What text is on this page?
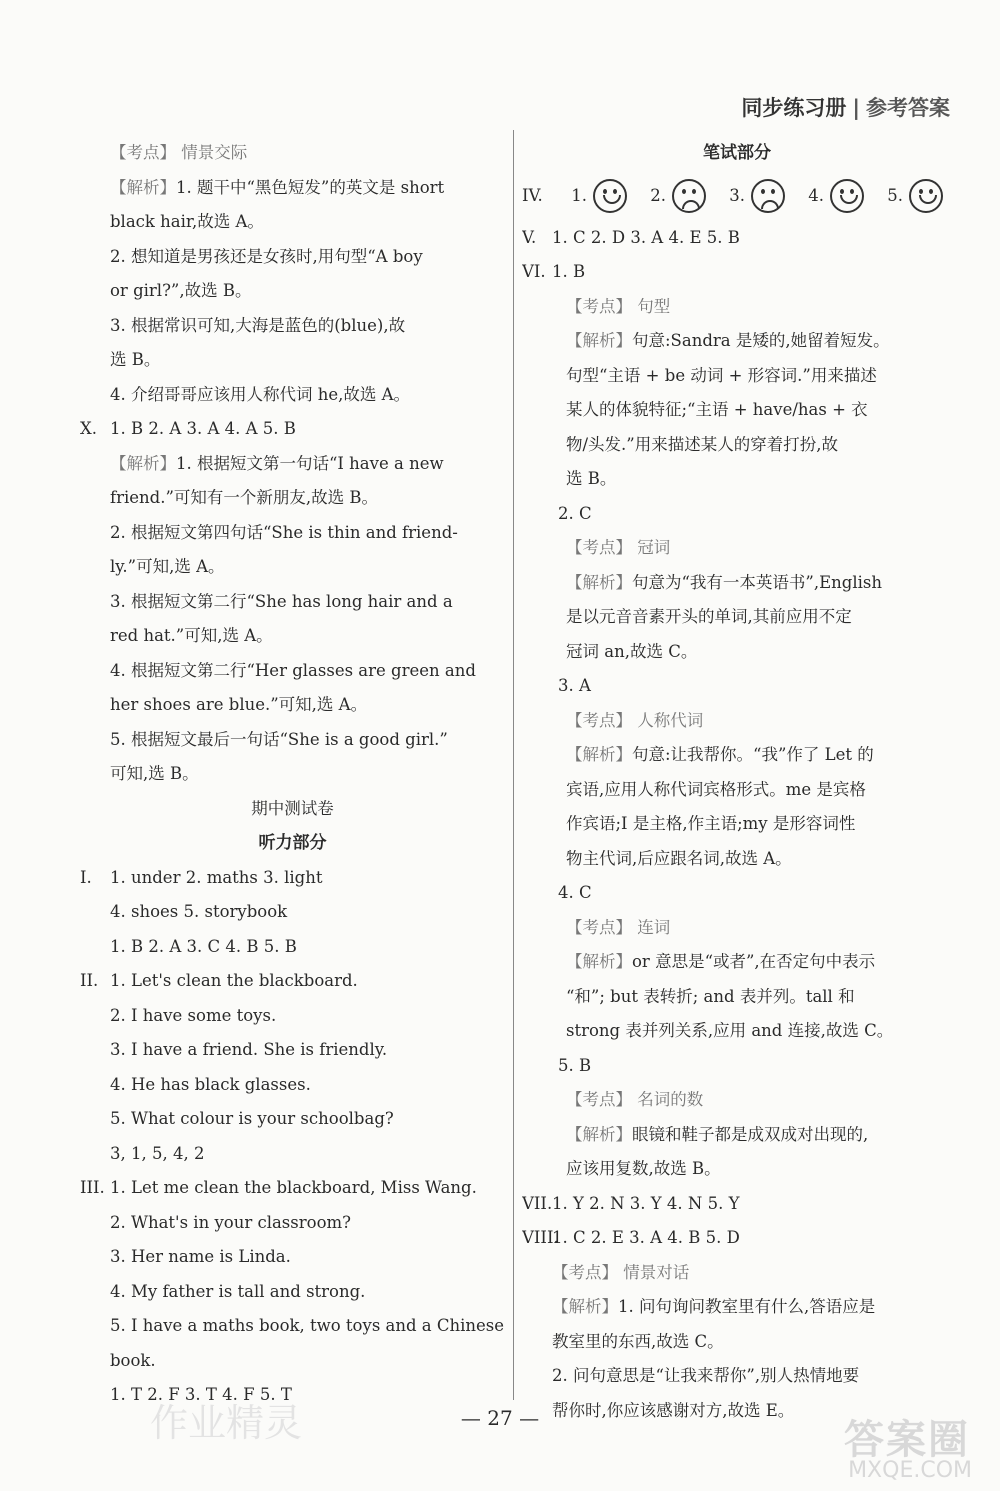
同步练习册 | 参考答案
【考点】 情景交际
【解析】1. 题干中“黑色短发”的英文是 short
black hair,故选 A。
2. 想知道是男孩还是女孩时,用句型“A boy
or girl?”,故选 B。
3. 根据常识可知,大海是蓝色的(blue),故
选 B。
4. 介绍哥哥应该用人称代词 he,故选 A。
X. 1. B 2. A 3. A 4. A 5. B
【解析】1. 根据短文第一句话“I have a new
friend.”可知有一个新朋友,故选 B。
2. 根据短文第四句话“She is thin and friend-
ly.”可知,选 A。
3. 根据短文第二行“She has long hair and a
red hat.”可知,选 A。
4. 根据短文第二行“Her glasses are green and
her shoes are blue.”可知,选 A。
5. 根据短文最后一句话“She is a good girl.”
可知,选 B。
期中测试卷
听力部分
I. 1. under 2. maths 3. light
4. shoes 5. storybook
1. B 2. A 3. C 4. B 5. B
II. 1. Let's clean the blackboard.
2. I have some toys.
3. I have a friend. She is friendly.
4. He has black glasses.
5. What colour is your schoolbag?
3, 1, 5, 4, 2
III. 1. Let me clean the blackboard, Miss Wang.
2. What's in your classroom?
3. Her name is Linda.
4. My father is tall and strong.
5. I have a maths book, two toys and a Chinese
book.
1. T 2. F 3. T 4. F 5. T
笔试部分
IV. 1.	2.	3.	4.	5.
V. 1. C 2. D 3. A 4. E 5. B
VI. 1. B
【考点】 句型
【解析】句意:Sandra 是矮的,她留着短发。
句型“主语 + be 动词 + 形容词.”用来描述
某人的体貌特征;“主语 + have/has + 衣
物/头发.”用来描述某人的穿着打扮,故
选 B。
2. C
【考点】 冠词
【解析】句意为“我有一本英语书”,English
是以元音音素开头的单词,其前应用不定
冠词 an,故选 C。
3. A
【考点】 人称代词
【解析】句意:让我帮你。“我”作了 Let 的
宾语,应用人称代词宾格形式。me 是宾格
作宾语;I 是主格,作主语;my 是形容词性
物主代词,后应跟名词,故选 A。
4. C
【考点】 连词
【解析】or 意思是“或者”,在否定句中表示
“和”; but 表转折; and 表并列。tall 和
strong 表并列关系,应用 and 连接,故选 C。
5. B
【考点】 名词的数
【解析】眼镜和鞋子都是成双成对出现的,
应该用复数,故选 B。
VII.1. Y 2. N 3. Y 4. N 5. Y
VIII.1. C 2. E 3. A 4. B 5. D
【考点】 情景对话
【解析】1. 问句询问教室里有什么,答语应是
教室里的东西,故选 C。
2. 问句意思是“让我来帮你”,别人热情地要
帮你时,你应该感谢对方,故选 E。
— 27 —
作业精灵	答案圈
MXQE.COM
